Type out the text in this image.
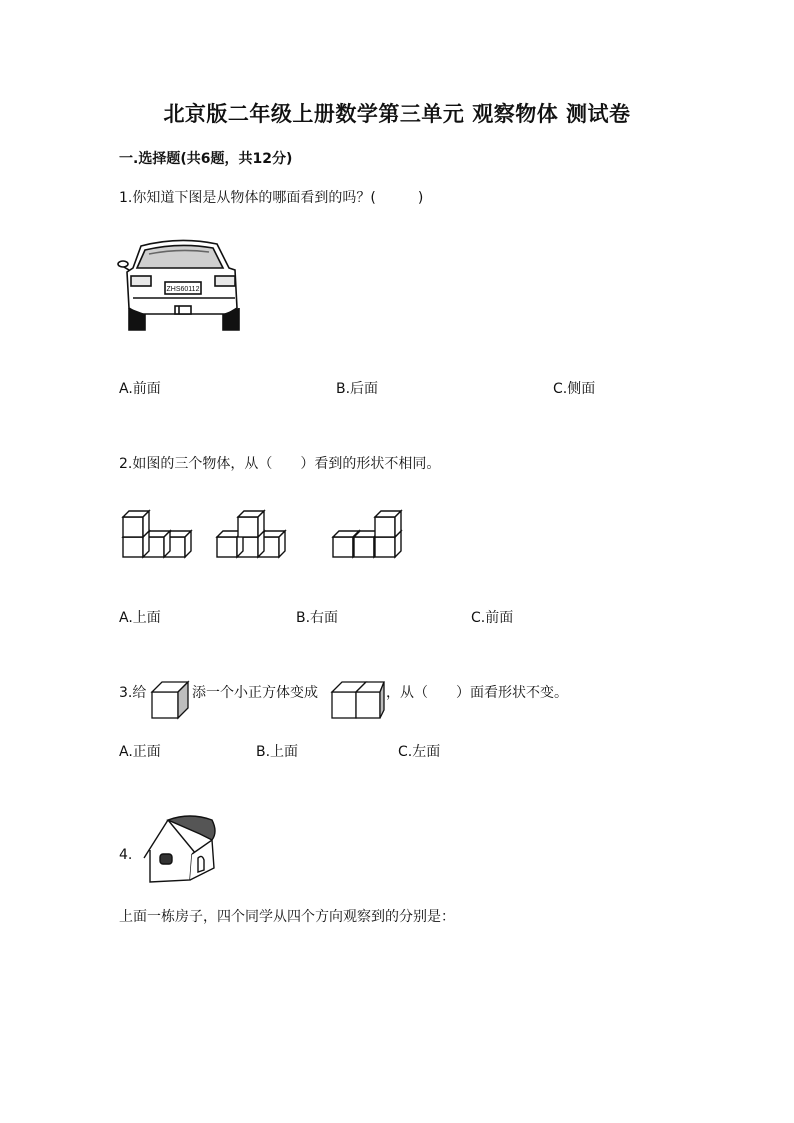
北京版二年级上册数学第三单元 观察物体 测试卷
一.选择题(共6题，共12分)
1.你知道下图是从物体的哪面看到的吗？(　　　)
ZHS60112
A.前面	B.后面	C.侧面
2.如图的三个物体，从（　　）看到的形状不相同。
A.上面	B.右面	C.前面
3.给	添一个小正方体变成	，从（　　）面看形状不变。
A.正面	B.上面	C.左面
4.
上面一栋房子，四个同学从四个方向观察到的分别是：
